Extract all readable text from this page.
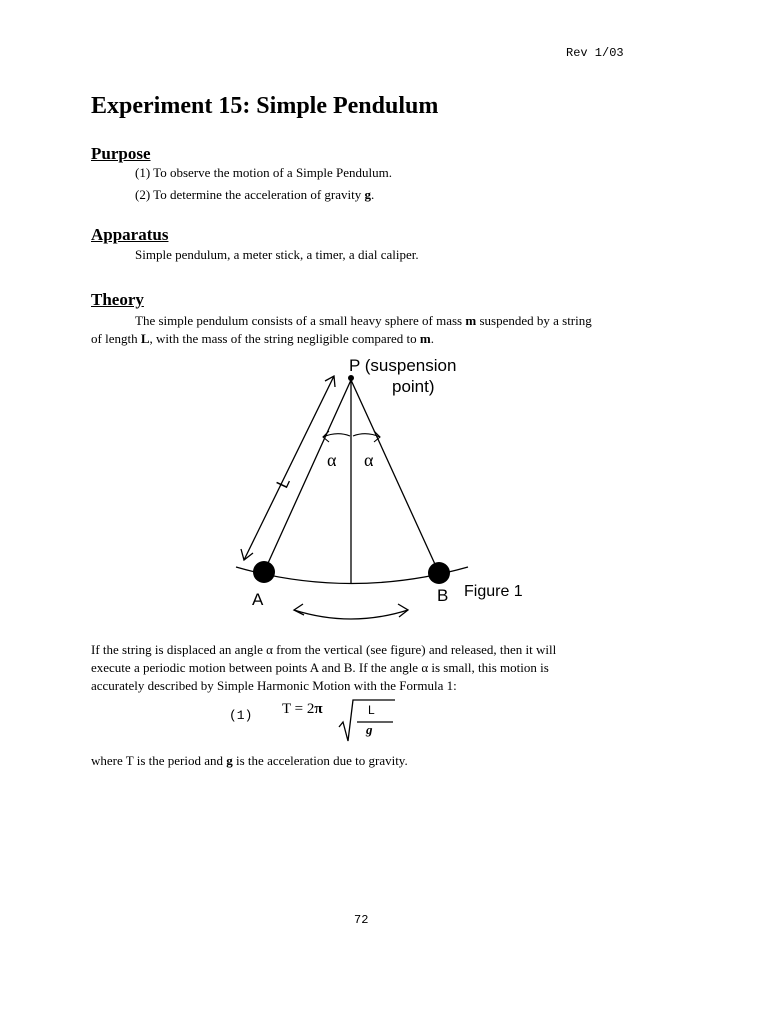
Rev 1/03
Experiment 15: Simple Pendulum
Purpose
(1) To observe the motion of a Simple Pendulum.
(2) To determine the acceleration of gravity g.
Apparatus
Simple pendulum, a meter stick, a timer, a dial caliper.
Theory
The simple pendulum consists of a small heavy sphere of mass m suspended by a string
of length L, with the mass of the string negligible compared to m.
P (suspension
point)
α α
L
A	B Figure 1
If the string is displaced an angle α from the vertical (see figure) and released, then it will
execute a periodic motion between points A and B. If the angle α is small, this motion is
accurately described by Simple Harmonic Motion with the Formula 1:
(1) T = 2π	L
g
where T is the period and g is the acceleration due to gravity.
72
